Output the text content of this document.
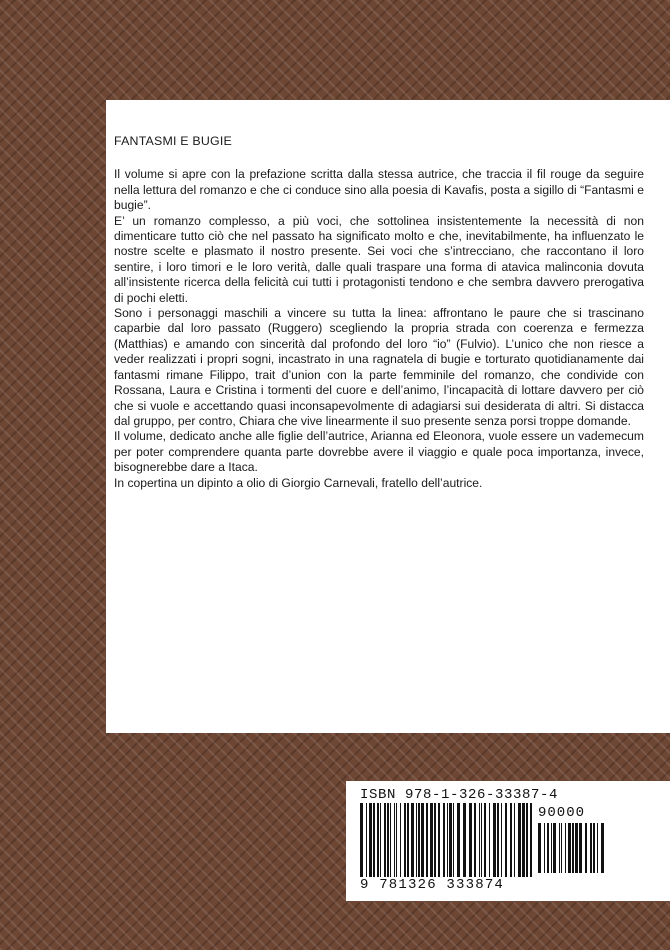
FANTASMI E BUGIE

Il volume si apre con la prefazione scritta dalla stessa autrice, che traccia il fil rouge da seguire nella lettura del romanzo e che ci conduce sino alla poesia di Kavafis, posta a sigillo di “Fantasmi e bugie”.

E’ un romanzo complesso, a più voci, che sottolinea insistentemente la necessità di non dimenticare tutto ciò che nel passato ha significato molto e che, inevitabilmente, ha influenzato le nostre scelte e plasmato il nostro presente. Sei voci che s’intrecciano, che raccontano il loro sentire, i loro timori e le loro verità, dalle quali traspare una forma di atavica malinconia dovuta all’insistente ricerca della felicità cui tutti i protagonisti tendono e che sembra davvero prerogativa di pochi eletti.

Sono i personaggi maschili a vincere su tutta la linea: affrontano le paure che si trascinano caparbie dal loro passato (Ruggero) scegliendo la propria strada con coerenza e fermezza (Matthias) e amando con sincerità dal profondo del loro “io” (Fulvio). L’unico che non riesce a veder realizzati i propri sogni, incastrato in una ragnatela di bugie e torturato quotidianamente dai fantasmi rimane Filippo, trait d’union con la parte femminile del romanzo, che condivide con Rossana, Laura e Cristina i tormenti del cuore e dell’animo, l’incapacità di lottare davvero per ciò che si vuole e accettando quasi inconsapevolmente di adagiarsi sui desiderata di altri. Si distacca dal gruppo, per contro, Chiara che vive linearmente il suo presente senza porsi troppe domande.

Il volume, dedicato anche alle figlie dell’autrice, Arianna ed Eleonora, vuole essere un vademecum per poter comprendere quanta parte dovrebbe avere il viaggio e quale poca importanza, invece, bisognerebbe dare a Itaca.

In copertina un dipinto a olio di Giorgio Carnevali, fratello dell’autrice.

ISBN 978-1-326-33387-4
90000
9 781326 333874
